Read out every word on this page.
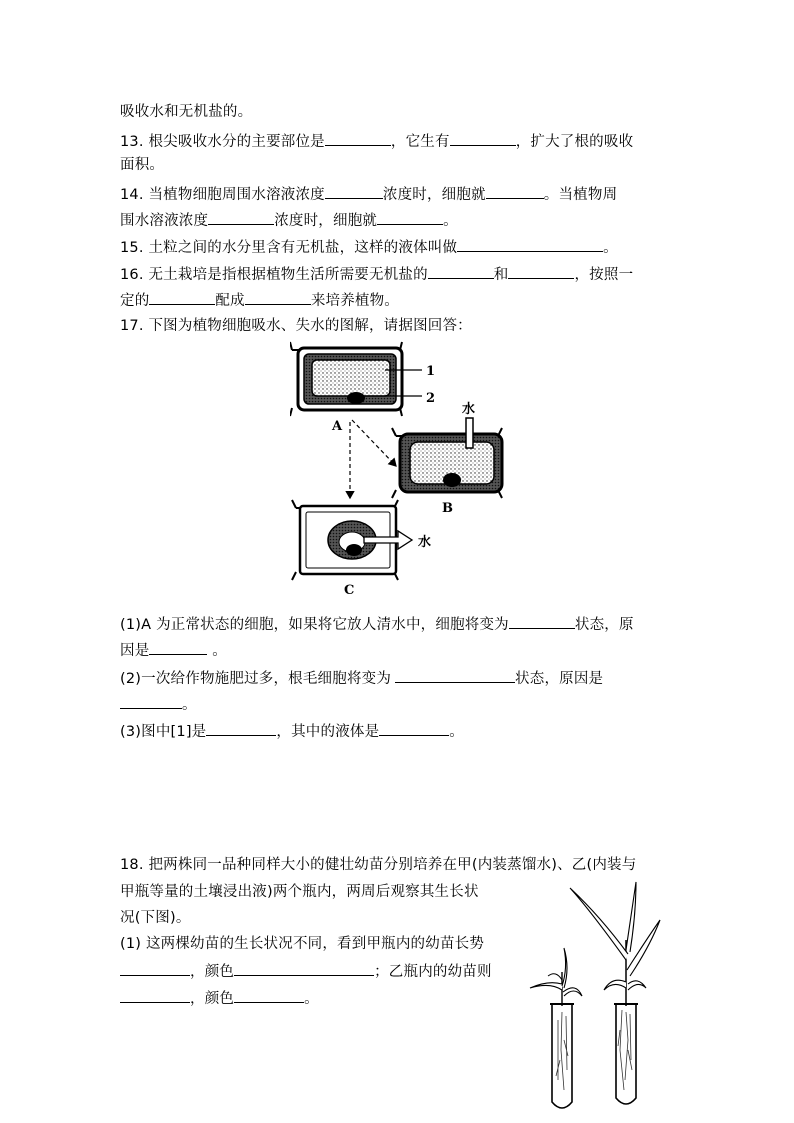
吸收水和无机盐的。
13. 根尖吸收水分的主要部位是	，它生有	，扩大了根的吸收
面积。
14. 当植物细胞周围水溶液浓度	浓度时，细胞就	。当植物周
围水溶液浓度	浓度时，细胞就	。
15. 土粒之间的水分里含有无机盐，这样的液体叫做	。
16. 无土栽培是指根据植物生活所需要无机盐的	和	，按照一
定的	配成	来培养植物。
17. 下图为植物细胞吸水、失水的图解，请据图回答：
1
2
A
水
B
水
C
(1)A 为正常状态的细胞，如果将它放人清水中，细胞将变为	状态，原
因是	。
(2)一次给作物施肥过多，根毛细胞将变为	状态，原因是
。
(3)图中[1]是	，其中的液体是	。
18. 把两株同一品种同样大小的健壮幼苗分别培养在甲(内装蒸馏水)、乙(内装与
甲瓶等量的土壤浸出液)两个瓶内，两周后观察其生长状
况(下图)。
(1) 这两棵幼苗的生长状况不同，看到甲瓶内的幼苗长势
，颜色	；乙瓶内的幼苗则
，颜色	。
